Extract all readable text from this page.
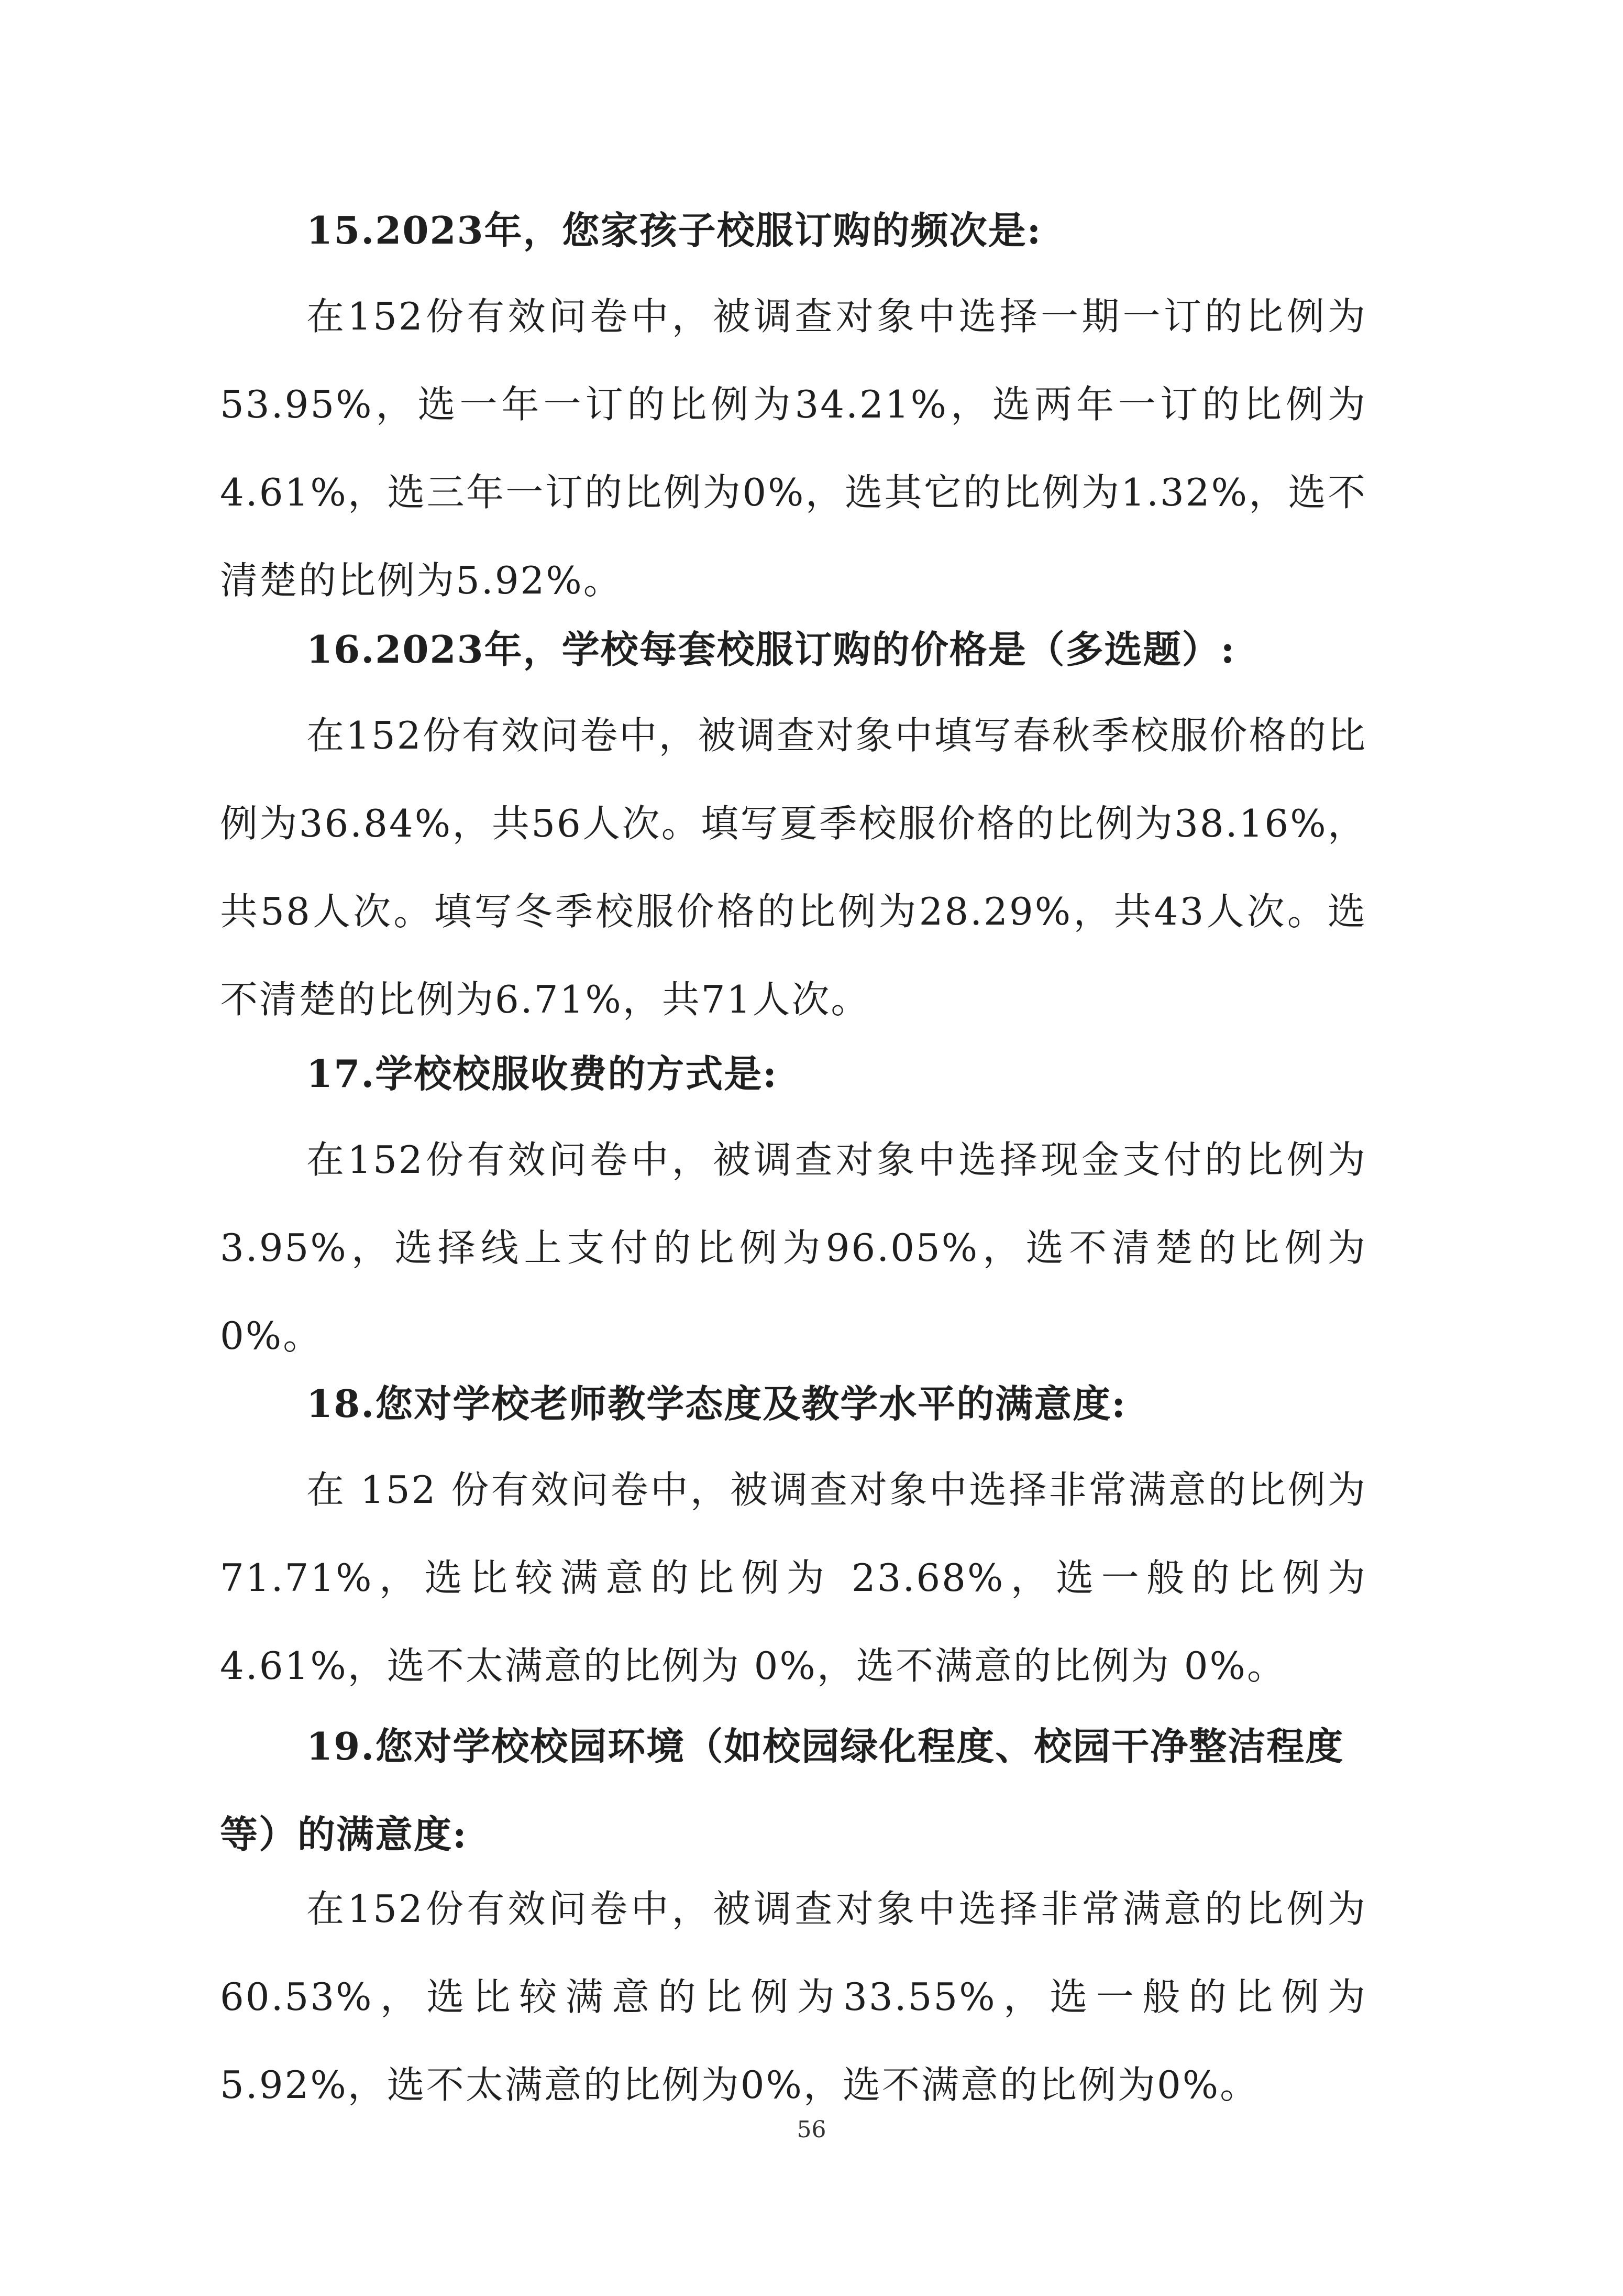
15.2023年，您家孩子校服订购的频次是:

在152份有效问卷中，被调查对象中选择一期一订的比例为53.95%，选一年一订的比例为34.21%，选两年一订的比例为4.61%，选三年一订的比例为0%，选其它的比例为1.32%，选不清楚的比例为5.92%。

16.2023年，学校每套校服订购的价格是（多选题）:

在152份有效问卷中，被调查对象中填写春秋季校服价格的比例为36.84%，共56人次。填写夏季校服价格的比例为38.16%，共58人次。填写冬季校服价格的比例为28.29%，共43人次。选不清楚的比例为6.71%，共71人次。

17.学校校服收费的方式是:

在152份有效问卷中，被调查对象中选择现金支付的比例为3.95%，选择线上支付的比例为96.05%，选不清楚的比例为0%。

18.您对学校老师教学态度及教学水平的满意度:

在 152 份有效问卷中，被调查对象中选择非常满意的比例为 71.71%，选比较满意的比例为 23.68%，选一般的比例为 4.61%，选不太满意的比例为 0%，选不满意的比例为 0%。

19.您对学校校园环境（如校园绿化程度、校园干净整洁程度等）的满意度:

在152份有效问卷中，被调查对象中选择非常满意的比例为60.53%，选比较满意的比例为33.55%，选一般的比例为5.92%，选不太满意的比例为0%，选不满意的比例为0%。

56
